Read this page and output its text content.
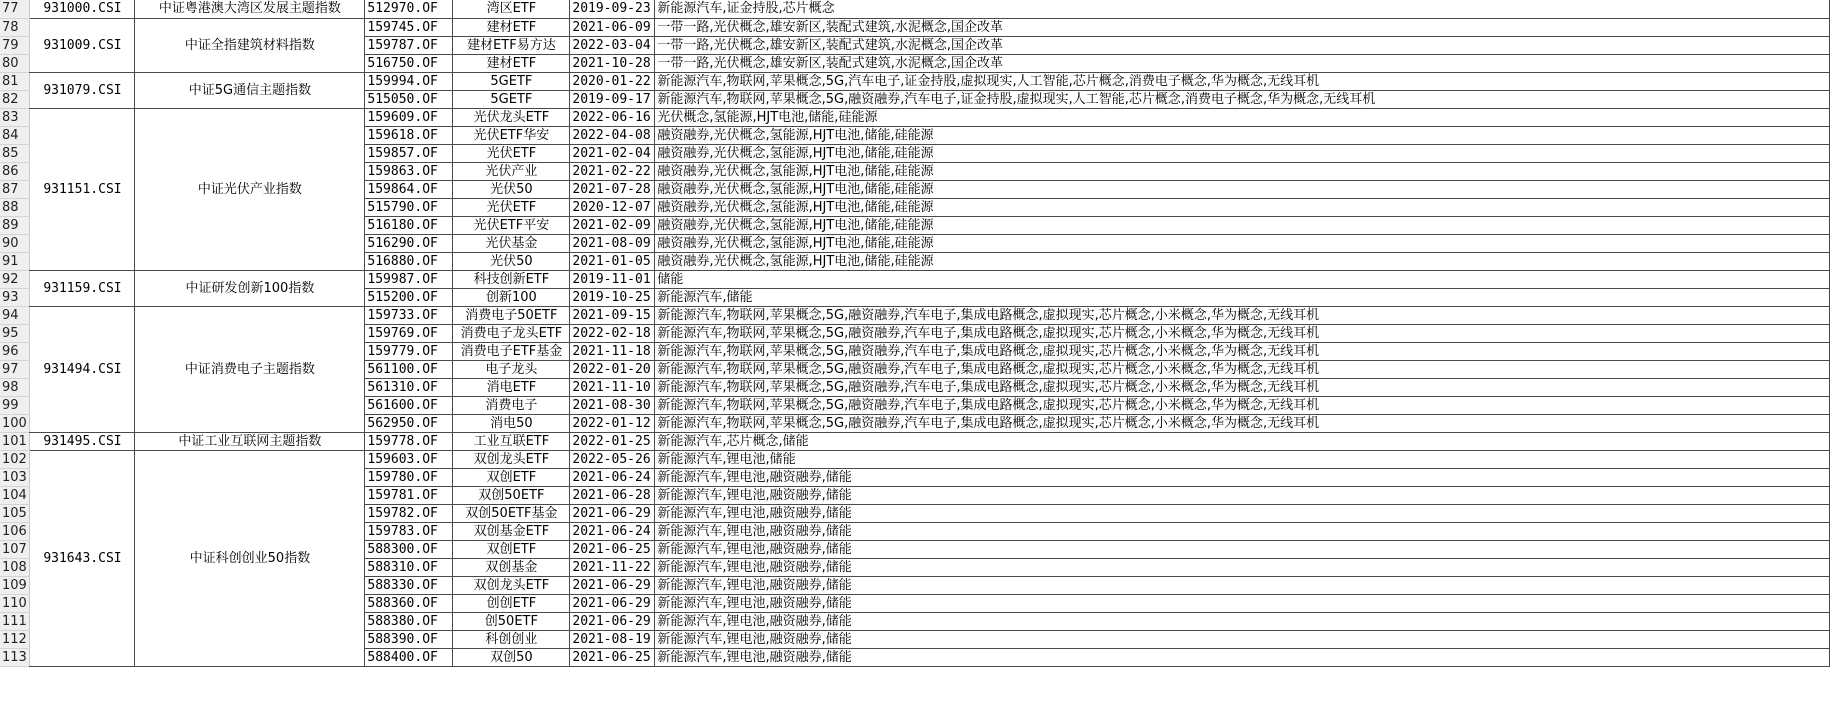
77	931000.CSI	中证粤港澳大湾区发展主题指数	512970.OF	湾区ETF	2019-09-23	新能源汽车,证金持股,芯片概念
78	931009.CSI	中证全指建筑材料指数	159745.OF	建材ETF	2021-06-09	一带一路,光伏概念,雄安新区,装配式建筑,水泥概念,国企改革
79			159787.OF	建材ETF易方达	2022-03-04	一带一路,光伏概念,雄安新区,装配式建筑,水泥概念,国企改革
80			516750.OF	建材ETF	2021-10-28	一带一路,光伏概念,雄安新区,装配式建筑,水泥概念,国企改革
81	931079.CSI	中证5G通信主题指数	159994.OF	5GETF	2020-01-22	新能源汽车,物联网,苹果概念,5G,汽车电子,证金持股,虚拟现实,人工智能,芯片概念,消费电子概念,华为概念,无线耳机
82			515050.OF	5GETF	2019-09-17	新能源汽车,物联网,苹果概念,5G,融资融券,汽车电子,证金持股,虚拟现实,人工智能,芯片概念,消费电子概念,华为概念,无线耳机
83	931151.CSI	中证光伏产业指数	159609.OF	光伏龙头ETF	2022-06-16	光伏概念,氢能源,HJT电池,储能,硅能源
84			159618.OF	光伏ETF华安	2022-04-08	融资融券,光伏概念,氢能源,HJT电池,储能,硅能源
85			159857.OF	光伏ETF	2021-02-04	融资融券,光伏概念,氢能源,HJT电池,储能,硅能源
86			159863.OF	光伏产业	2021-02-22	融资融券,光伏概念,氢能源,HJT电池,储能,硅能源
87			159864.OF	光伏50	2021-07-28	融资融券,光伏概念,氢能源,HJT电池,储能,硅能源
88			515790.OF	光伏ETF	2020-12-07	融资融券,光伏概念,氢能源,HJT电池,储能,硅能源
89			516180.OF	光伏ETF平安	2021-02-09	融资融券,光伏概念,氢能源,HJT电池,储能,硅能源
90			516290.OF	光伏基金	2021-08-09	融资融券,光伏概念,氢能源,HJT电池,储能,硅能源
91			516880.OF	光伏50	2021-01-05	融资融券,光伏概念,氢能源,HJT电池,储能,硅能源
92	931159.CSI	中证研发创新100指数	159987.OF	科技创新ETF	2019-11-01	储能
93			515200.OF	创新100	2019-10-25	新能源汽车,储能
94	931494.CSI	中证消费电子主题指数	159733.OF	消费电子50ETF	2021-09-15	新能源汽车,物联网,苹果概念,5G,融资融券,汽车电子,集成电路概念,虚拟现实,芯片概念,小米概念,华为概念,无线耳机
95			159769.OF	消费电子龙头ETF	2022-02-18	新能源汽车,物联网,苹果概念,5G,融资融券,汽车电子,集成电路概念,虚拟现实,芯片概念,小米概念,华为概念,无线耳机
96			159779.OF	消费电子ETF基金	2021-11-18	新能源汽车,物联网,苹果概念,5G,融资融券,汽车电子,集成电路概念,虚拟现实,芯片概念,小米概念,华为概念,无线耳机
97			561100.OF	电子龙头	2022-01-20	新能源汽车,物联网,苹果概念,5G,融资融券,汽车电子,集成电路概念,虚拟现实,芯片概念,小米概念,华为概念,无线耳机
98			561310.OF	消电ETF	2021-11-10	新能源汽车,物联网,苹果概念,5G,融资融券,汽车电子,集成电路概念,虚拟现实,芯片概念,小米概念,华为概念,无线耳机
99			561600.OF	消费电子	2021-08-30	新能源汽车,物联网,苹果概念,5G,融资融券,汽车电子,集成电路概念,虚拟现实,芯片概念,小米概念,华为概念,无线耳机
100			562950.OF	消电50	2022-01-12	新能源汽车,物联网,苹果概念,5G,融资融券,汽车电子,集成电路概念,虚拟现实,芯片概念,小米概念,华为概念,无线耳机
101	931495.CSI	中证工业互联网主题指数	159778.OF	工业互联ETF	2022-01-25	新能源汽车,芯片概念,储能
102	931643.CSI	中证科创创业50指数	159603.OF	双创龙头ETF	2022-05-26	新能源汽车,锂电池,储能
103			159780.OF	双创ETF	2021-06-24	新能源汽车,锂电池,融资融券,储能
104			159781.OF	双创50ETF	2021-06-28	新能源汽车,锂电池,融资融券,储能
105			159782.OF	双创50ETF基金	2021-06-29	新能源汽车,锂电池,融资融券,储能
106			159783.OF	双创基金ETF	2021-06-24	新能源汽车,锂电池,融资融券,储能
107			588300.OF	双创ETF	2021-06-25	新能源汽车,锂电池,融资融券,储能
108			588310.OF	双创基金	2021-11-22	新能源汽车,锂电池,融资融券,储能
109			588330.OF	双创龙头ETF	2021-06-29	新能源汽车,锂电池,融资融券,储能
110			588360.OF	创创ETF	2021-06-29	新能源汽车,锂电池,融资融券,储能
111			588380.OF	创50ETF	2021-06-29	新能源汽车,锂电池,融资融券,储能
112			588390.OF	科创创业	2021-08-19	新能源汽车,锂电池,融资融券,储能
113			588400.OF	双创50	2021-06-25	新能源汽车,锂电池,融资融券,储能
